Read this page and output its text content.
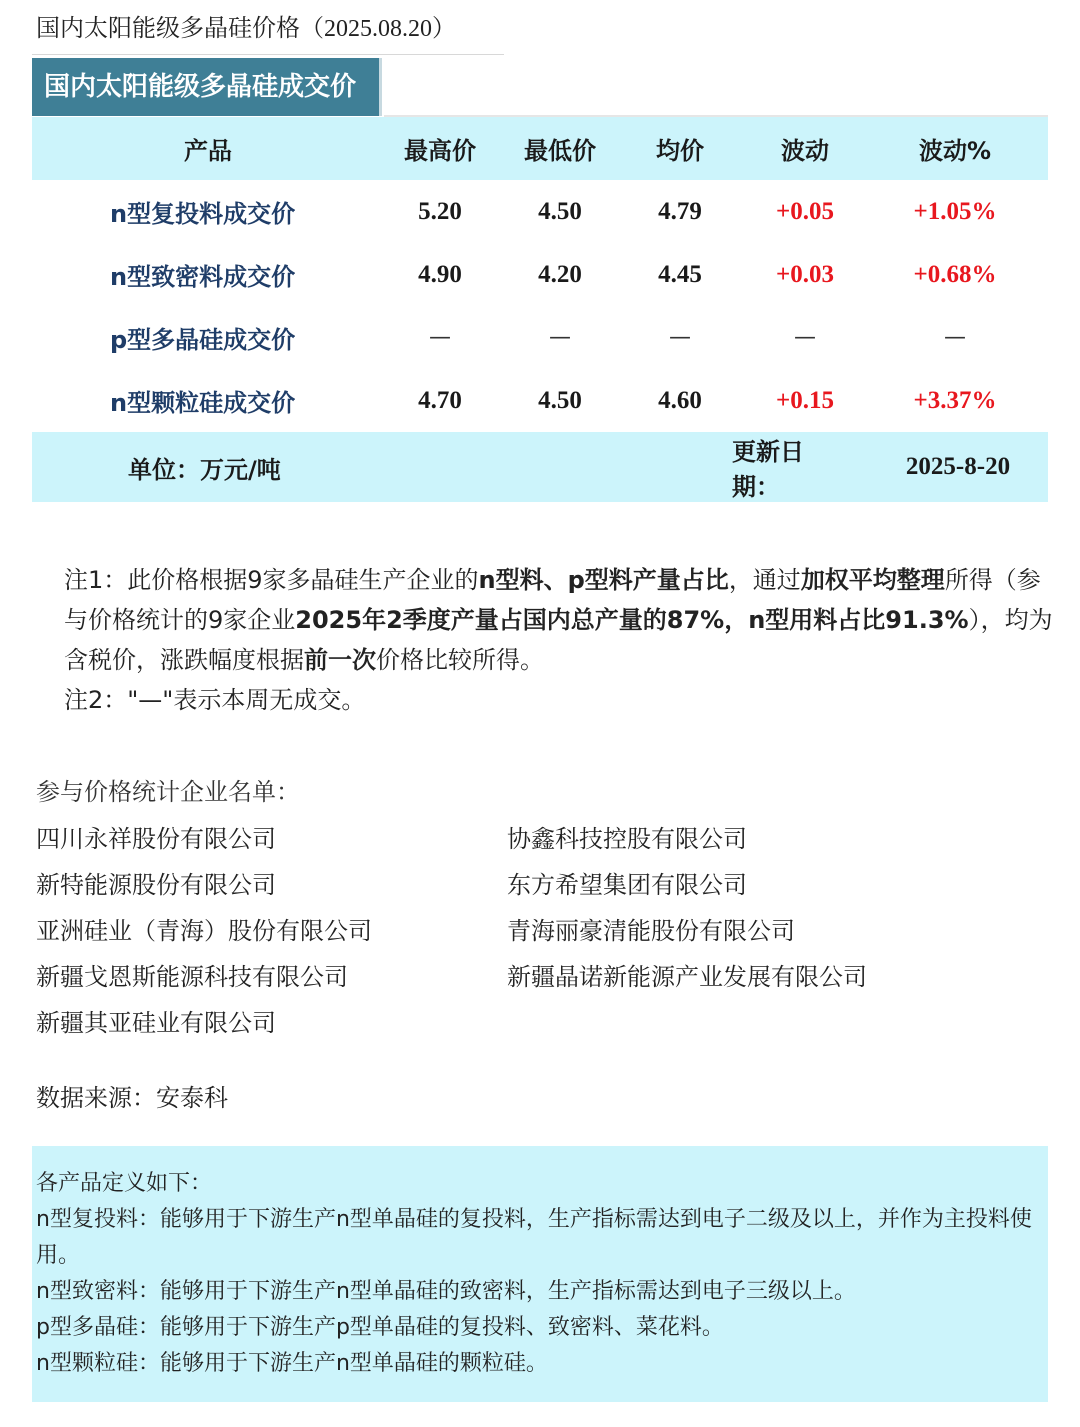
国内太阳能级多晶硅价格（2025.08.20）
国内太阳能级多晶硅成交价
产品	最高价	最低价	均价	波动	波动%
n型复投料成交价	5.20	4.50	4.79	+0.05	+1.05%
n型致密料成交价	4.90	4.20	4.45	+0.03	+0.68%
p型多晶硅成交价	—	—	—	—	—
n型颗粒硅成交价	4.70	4.50	4.60	+0.15	+3.37%
单位：万元/吨
更新日期：
2025-8-20

注1：此价格根据9家多晶硅生产企业的n型料、p型料产量占比，通过加权平均整理所得（参与价格统计的9家企业2025年2季度产量占国内总产量的87%，n型用料占比91.3%），均为含税价，涨跌幅度根据前一次价格比较所得。

注2："—"表示本周无成交。

参与价格统计企业名单：
四川永祥股份有限公司	协鑫科技控股有限公司
新特能源股份有限公司	东方希望集团有限公司
亚洲硅业（青海）股份有限公司	青海丽豪清能股份有限公司
新疆戈恩斯能源科技有限公司	新疆晶诺新能源产业发展有限公司
新疆其亚硅业有限公司
数据来源：安泰科

各产品定义如下：

n型复投料：能够用于下游生产n型单晶硅的复投料，生产指标需达到电子二级及以上，并作为主投料使用。

n型致密料：能够用于下游生产n型单晶硅的致密料，生产指标需达到电子三级以上。

p型多晶硅：能够用于下游生产p型单晶硅的复投料、致密料、菜花料。

n型颗粒硅：能够用于下游生产n型单晶硅的颗粒硅。
